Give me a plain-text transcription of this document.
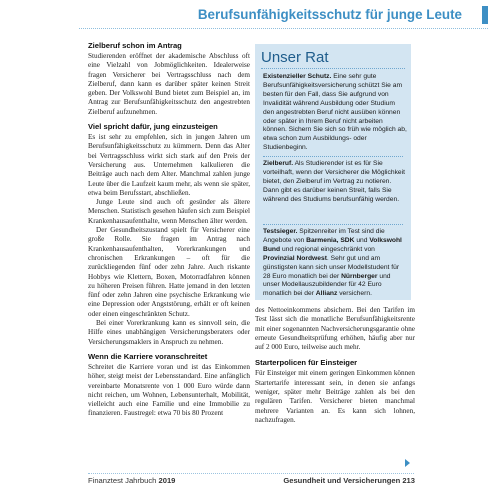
Berufsunfähigkeitsschutz für junge Leute
Zielberuf schon im Antrag

Studierenden eröffnet der akademische Abschluss oft eine Vielzahl von Jobmöglichkeiten. Idealerweise fragen Versicherer bei Vertragsschluss nach dem Zielberuf, dann kann es darüber später keinen Streit geben. Der Volkswohl Bund bietet zum Beispiel an, im Antrag zur Berufsunfähigkeitsschutz den angestrebten Zielberuf aufzunehmen.

Viel spricht dafür, jung einzusteigen

Es ist sehr zu empfehlen, sich in jungen Jahren um Berufsunfähigkeitsschutz zu kümmern. Denn das Alter bei Vertragsschluss wirkt sich stark auf den Preis der Versicherung aus. Unternehmen kalkulieren die Beiträge auch nach dem Alter. Manchmal zahlen junge Leute über die Laufzeit kaum mehr, als wenn sie später, etwa beim Berufsstart, abschließen.

Junge Leute sind auch oft gesünder als ältere Menschen. Statistisch gesehen häufen sich zum Beispiel Krankenhausaufenthalte, wenn Menschen älter werden.

Der Gesundheitszustand spielt für Versicherer eine große Rolle. Sie fragen im Antrag nach Krankenhausaufenthalten, Vorerkrankungen und chronischen Erkrankungen – oft für die zurückliegenden fünf oder zehn Jahre. Auch riskante Hobbys wie Klettern, Boxen, Motorradfahren können zu höheren Preisen führen. Hatte jemand in den letzten fünf oder zehn Jahren eine psychische Erkrankung wie eine Depression oder Angststörung, erhält er oft keinen oder einen eingeschränkten Schutz.

Bei einer Vorerkrankung kann es sinnvoll sein, die Hilfe eines unabhängigen Versicherungsberaters oder Versicherungsmaklers in Anspruch zu nehmen.

Wenn die Karriere voranschreitet

Schreitet die Karriere voran und ist das Einkommen höher, steigt meist der Lebensstandard. Eine anfänglich vereinbarte Monatsrente von 1 000 Euro würde dann nicht reichen, um Wohnen, Lebensunterhalt, Mobilität, vielleicht auch eine Familie und eine Immobilie zu finanzieren. Faustregel: etwa 70 bis 80 Prozent

Unser Rat
Existenzieller Schutz. Eine sehr gute Berufsunfähigkeitsversicherung schützt Sie am besten für den Fall, dass Sie aufgrund von Invalidität während Ausbildung oder Studium den angestrebten Beruf nicht ausüben können oder später in Ihrem Beruf nicht arbeiten können. Sichern Sie sich so früh wie möglich ab, etwa schon zum Ausbildungs- oder Studienbeginn.
Zielberuf. Als Studierender ist es für Sie vorteilhaft, wenn der Versicherer die Möglichkeit bietet, den Zielberuf im Vertrag zu notieren. Dann gibt es darüber keinen Streit, falls Sie während des Studiums berufsunfähig werden.
Testsieger. Spitzenreiter im Test sind die Angebote von Barmenia, SDK und Volkswohl Bund und regional eingeschränkt von Provinzial Nordwest. Sehr gut und am günstigsten kann sich unser Modellstudent für 28 Euro monatlich bei der Nürnberger und unser Modellauszubildender für 42 Euro monatlich bei der Allianz versichern.

des Nettoeinkommens absichern. Bei den Tarifen im Test lässt sich die monatliche Berufsunfähigkeitsrente mit einer sogenannten Nachversicherungsgarantie ohne erneute Gesundheitsprüfung erhöhen, häufig aber nur auf 2 000 Euro, teilweise auch mehr.

Starterpolicen für Einsteiger

Für Einsteiger mit einem geringen Einkommen können Startertarife interessant sein, in denen sie anfangs weniger, später mehr Beiträge zahlen als bei den regulären Tarifen. Versicherer bieten manchmal mehrere Varianten an. Es kann sich lohnen, nachzufragen.

Finanztest Jahrbuch 2019	Gesundheit und Versicherungen 213
